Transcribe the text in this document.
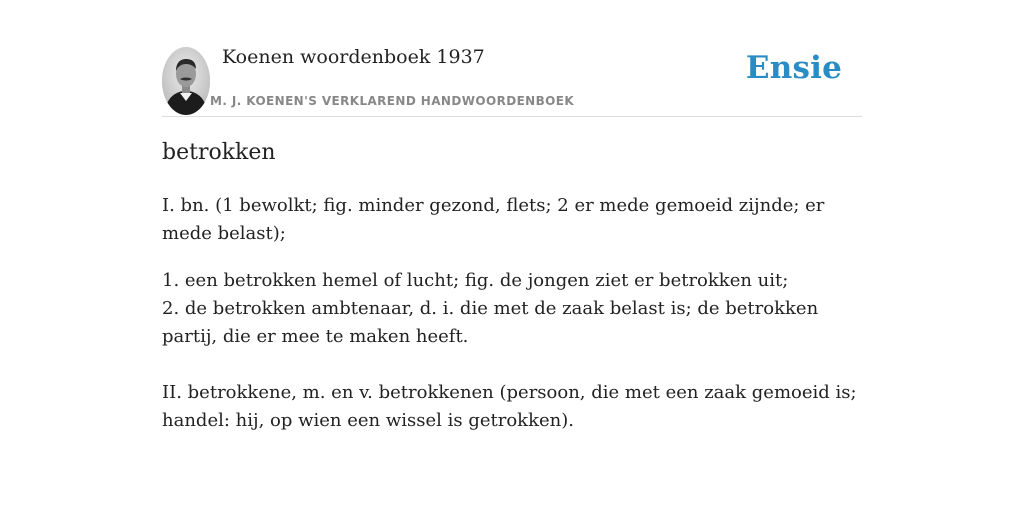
Koenen woordenboek 1937
M. J. KOENEN'S VERKLAREND HANDWOORDENBOEK
Ensie
betrokken

I. bn. (1 bewolkt; fig. minder gezond, flets; 2 er mede gemoeid zijnde; er mede belast);

1. een betrokken hemel of lucht; fig. de jongen ziet er betrokken uit;
2. de betrokken ambtenaar, d. i. die met de zaak belast is; de betrokken partij, die er mee te maken heeft.

II. betrokkene, m. en v. betrokkenen (persoon, die met een zaak gemoeid is; handel: hij, op wien een wissel is getrokken).
